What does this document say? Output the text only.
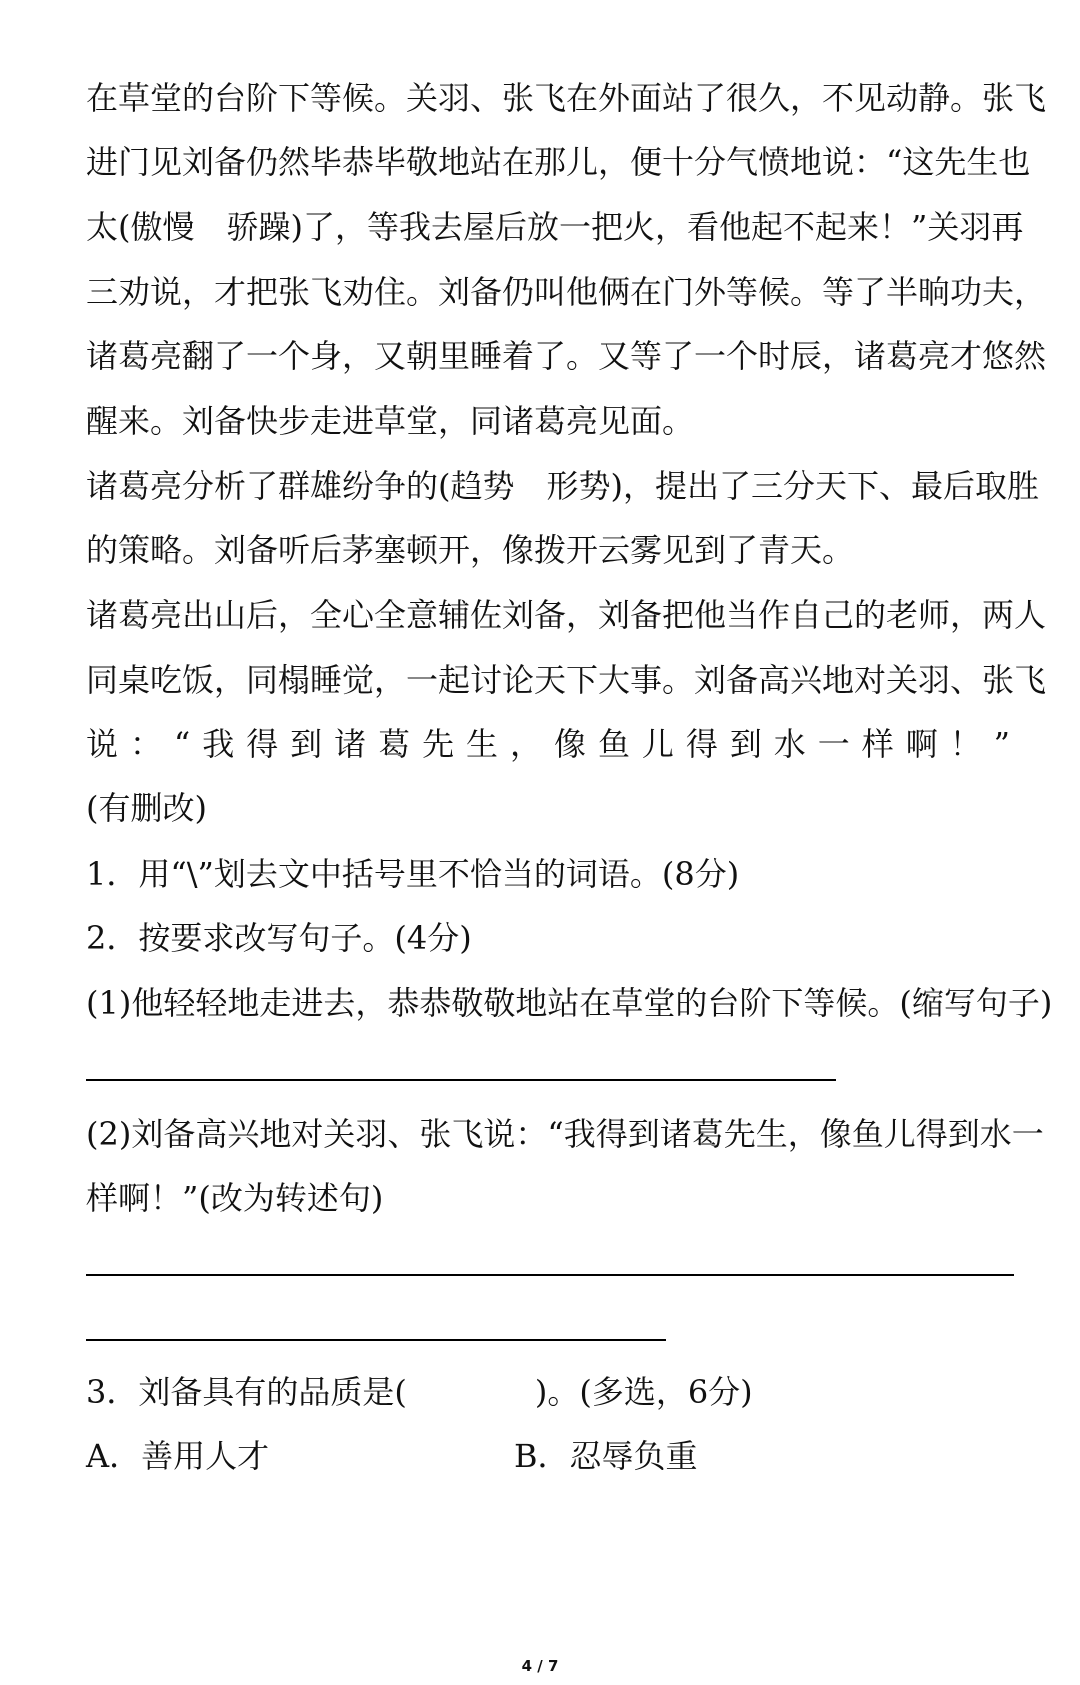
在草堂的台阶下等候。关羽、张飞在外面站了很久，不见动静。张飞

进门见刘备仍然毕恭毕敬地站在那儿，便十分气愤地说：“这先生也

太(傲慢　骄躁)了，等我去屋后放一把火，看他起不起来！”关羽再

三劝说，才把张飞劝住。刘备仍叫他俩在门外等候。等了半晌功夫，

诸葛亮翻了一个身，又朝里睡着了。又等了一个时辰，诸葛亮才悠然

醒来。刘备快步走进草堂，同诸葛亮见面。

诸葛亮分析了群雄纷争的(趋势　形势)，提出了三分天下、最后取胜

的策略。刘备听后茅塞顿开，像拨开云雾见到了青天。

诸葛亮出山后，全心全意辅佐刘备，刘备把他当作自己的老师，两人

同桌吃饭，同榻睡觉，一起讨论天下大事。刘备高兴地对关羽、张飞

说：“我得到诸葛先生，像鱼儿得到水一样啊！”

(有删改)

1．用“\”划去文中括号里不恰当的词语。(8分)

2．按要求改写句子。(4分)

(1)他轻轻地走进去，恭恭敬敬地站在草堂的台阶下等候。(缩写句子)

(2)刘备高兴地对关羽、张飞说：“我得到诸葛先生，像鱼儿得到水一

样啊！”(改为转述句)

3．刘备具有的品质是(　　　　)。(多选，6分)

A．善用人才	B．忍辱负重
4 / 7
